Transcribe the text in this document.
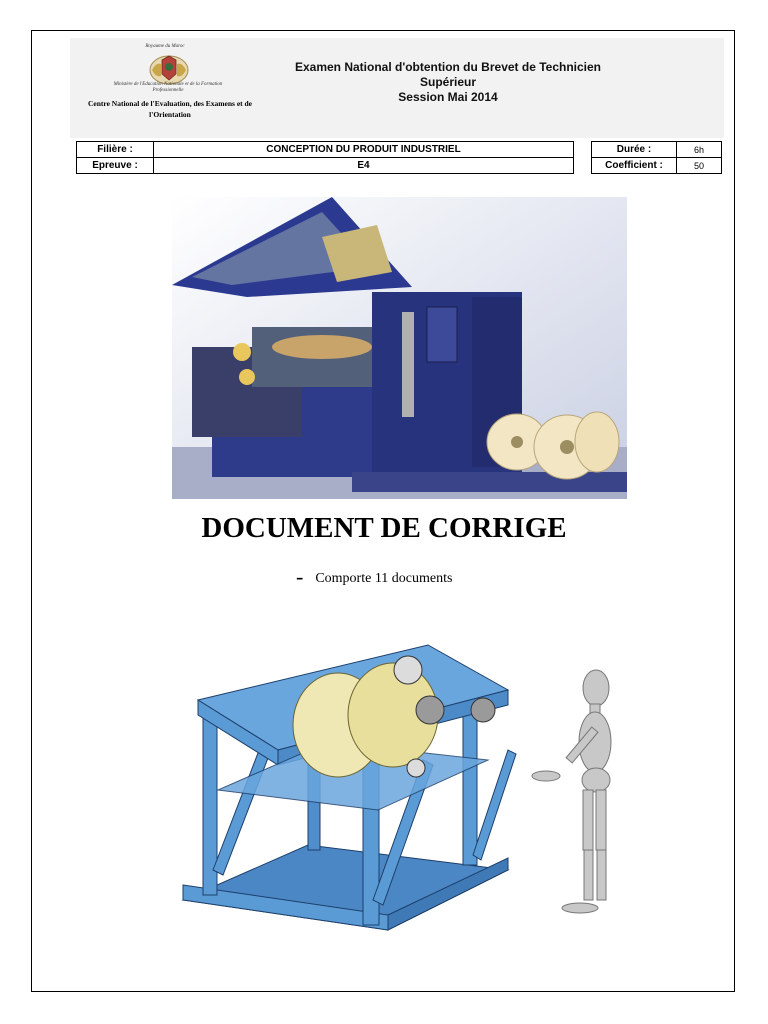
Royaume du Maroc
Ministère de l'Education Nationale et de la Formation Professionnelle
Centre National de l'Evaluation, des Examens et de l'Orientation
Examen National d'obtention du Brevet de Technicien
Supérieur
Session Mai 2014
Filière :	CONCEPTION DU PRODUIT INDUSTRIEL
Epreuve :	E4
Durée :	6h
Coefficient :	50
DOCUMENT DE CORRIGE
- Comporte 11 documents
